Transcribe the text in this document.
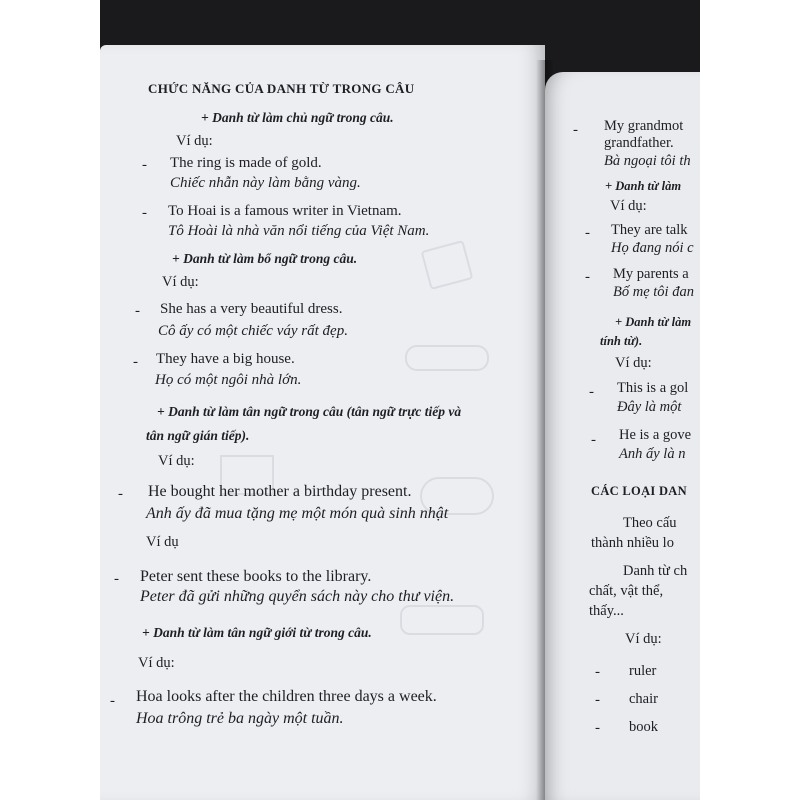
CHỨC NĂNG CỦA DANH TỪ TRONG CÂU
+ Danh từ làm chủ ngữ trong câu.
Ví dụ:
- The ring is made of gold.
Chiếc nhẫn này làm bằng vàng.
- To Hoai is a famous writer in Vietnam.
Tô Hoài là nhà văn nổi tiếng của Việt Nam.
+ Danh từ làm bổ ngữ trong câu.
Ví dụ:
- She has a very beautiful dress.
Cô ấy có một chiếc váy rất đẹp.
- They have a big house.
Họ có một ngôi nhà lớn.
+ Danh từ làm tân ngữ trong câu (tân ngữ trực tiếp và
tân ngữ gián tiếp).
Ví dụ:
- He bought her mother a birthday present.
Anh ấy đã mua tặng mẹ một món quà sinh nhật
Ví dụ
- Peter sent these books to the library.
Peter đã gửi những quyển sách này cho thư viện.
+ Danh từ làm tân ngữ giới từ trong câu.
Ví dụ:
- Hoa looks after the children three days a week.
Hoa trông trẻ ba ngày một tuần.
- My grandmot
grandfather.
Bà ngoại tôi th
+ Danh từ làm
Ví dụ:
- They are talk
Họ đang nói c
- My parents a
Bố mẹ tôi đan
+ Danh từ làm
tính từ).
Ví dụ:
- This is a gol
Đây là một
- He is a gove
Anh ấy là n
CÁC LOẠI DAN
Theo cấu
thành nhiều lo
Danh từ ch
chất, vật thể,
thấy...
Ví dụ:
- ruler
- chair
- book
